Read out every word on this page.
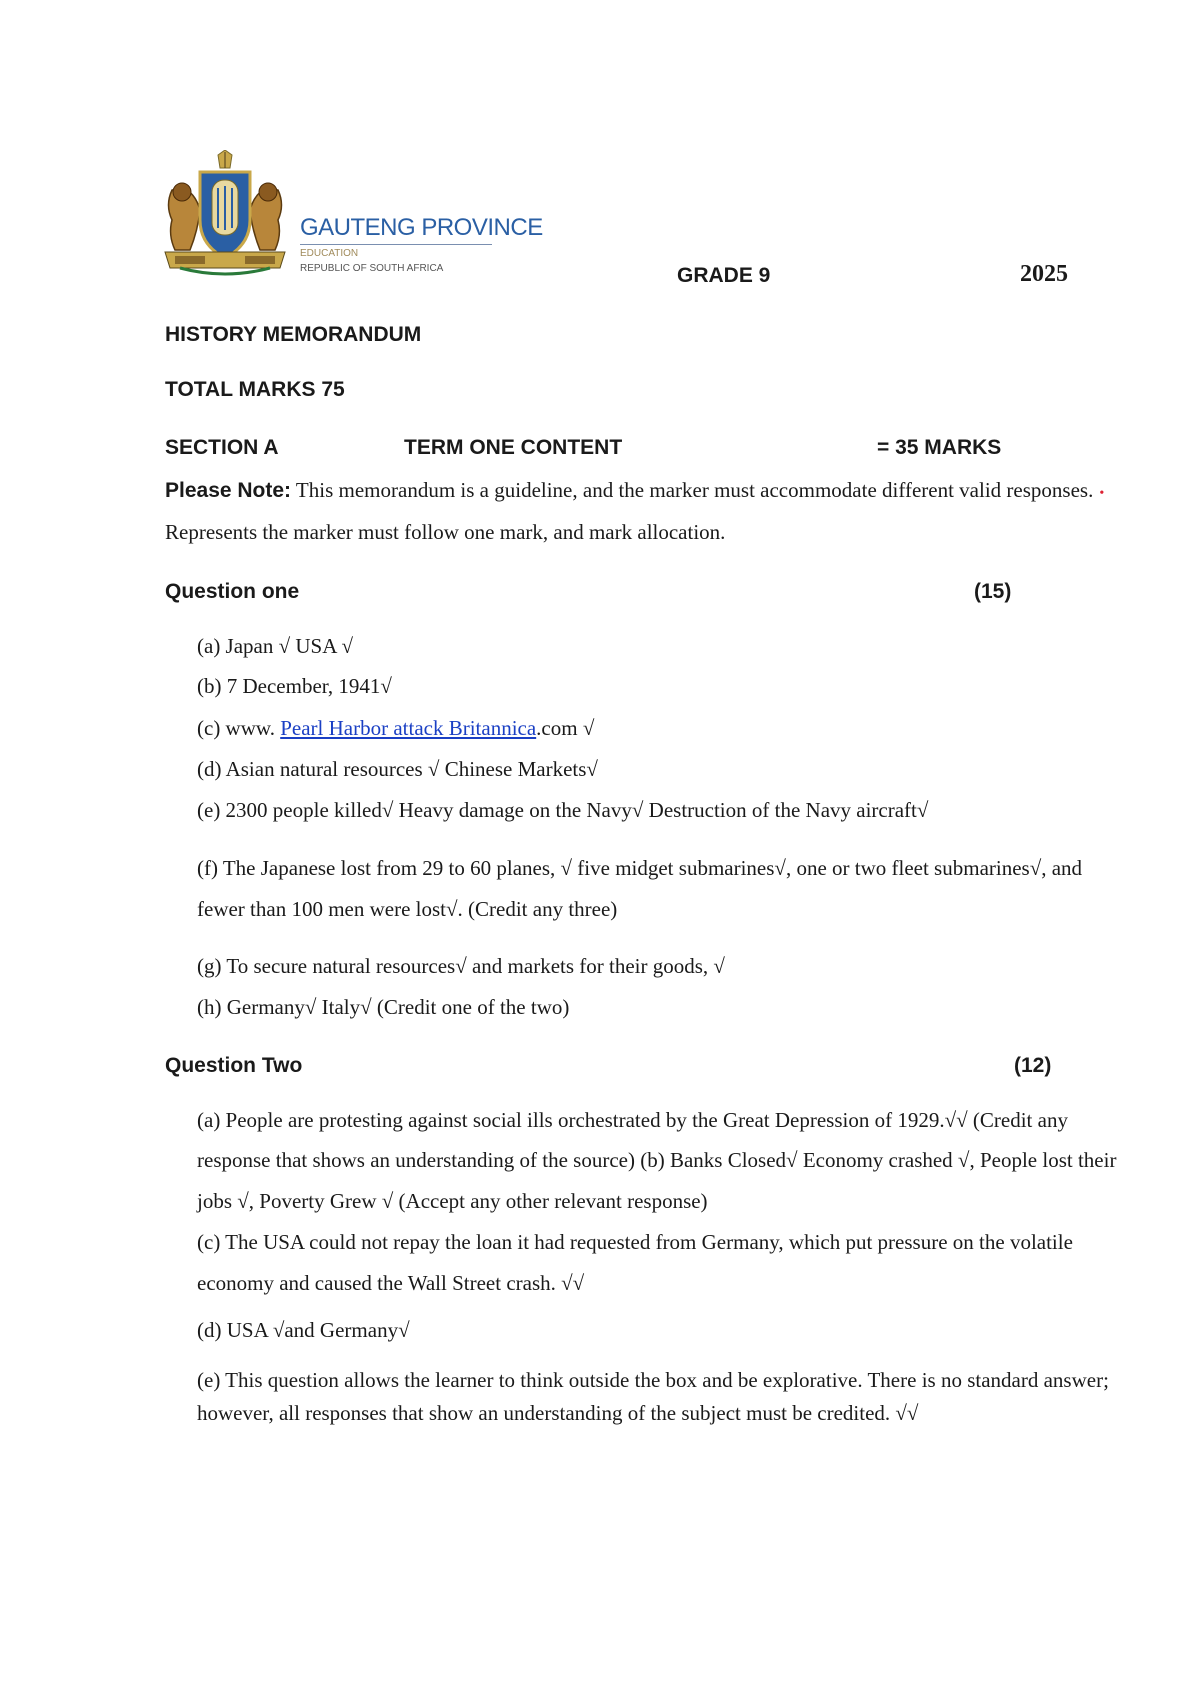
GAUTENG PROVINCE
EDUCATION
REPUBLIC OF SOUTH AFRICA	GRADE 9	2025
HISTORY MEMORANDUM
TOTAL MARKS 75
SECTION A	TERM ONE CONTENT	= 35 MARKS
Please Note: This memorandum is a guideline, and the marker must accommodate different valid responses. •
Represents the marker must follow one mark, and mark allocation.
Question one	(15)
(a) Japan √ USA √
(b) 7 December, 1941√
(c) www. Pearl Harbor attack Britannica.com √
(d) Asian natural resources √ Chinese Markets√
(e) 2300 people killed√ Heavy damage on the Navy√ Destruction of the Navy aircraft√
(f) The Japanese lost from 29 to 60 planes, √ five midget submarines√, one or two fleet submarines√, and
fewer than 100 men were lost√. (Credit any three)
(g) To secure natural resources√ and markets for their goods, √
(h) Germany√ Italy√ (Credit one of the two)
Question Two	(12)
(a) People are protesting against social ills orchestrated by the Great Depression of 1929.√√ (Credit any
response that shows an understanding of the source) (b) Banks Closed√ Economy crashed √, People lost their
jobs √, Poverty Grew √ (Accept any other relevant response)
(c) The USA could not repay the loan it had requested from Germany, which put pressure on the volatile
economy and caused the Wall Street crash. √√
(d) USA √and Germany√
(e) This question allows the learner to think outside the box and be explorative. There is no standard answer;
however, all responses that show an understanding of the subject must be credited. √√
